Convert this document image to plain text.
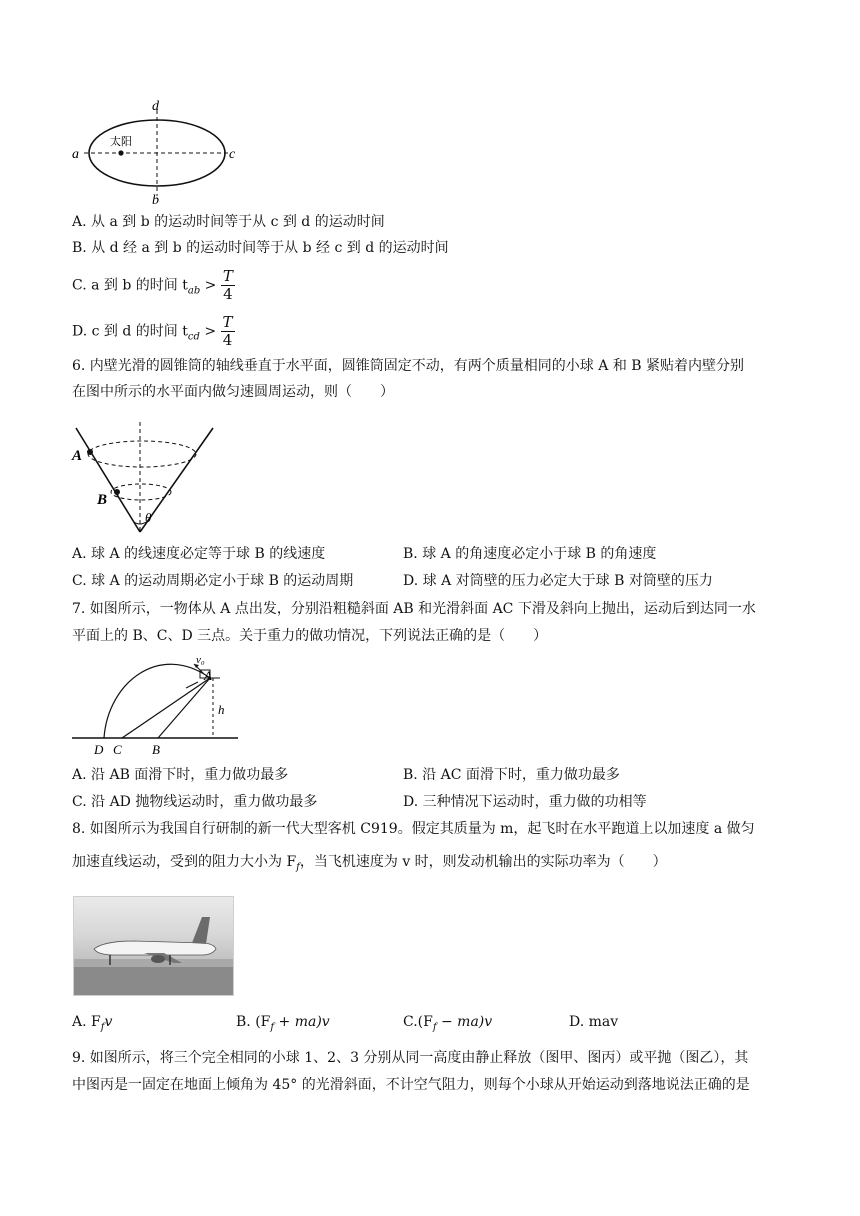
d
a	c
b
太阳
A. 从 a 到 b 的运动时间等于从 c 到 d 的运动时间
B. 从 d 经 a 到 b 的运动时间等于从 b 经 c 到 d 的运动时间
C. a 到 b 的时间 $t_{ab} > \frac{T}{4}$
D. c 到 d 的时间 $t_{cd} > \frac{T}{4}$
6. 内壁光滑的圆锥筒的轴线垂直于水平面，圆锥筒固定不动，有两个质量相同的小球 A 和 B 紧贴着内壁分别
在图中所示的水平面内做匀速圆周运动，则（　　）
A
B
θ
A. 球 A 的线速度必定等于球 B 的线速度	B. 球 A 的角速度必定小于球 B 的角速度
C. 球 A 的运动周期必定小于球 B 的运动周期	D. 球 A 对筒壁的压力必定大于球 B 对筒壁的压力
7. 如图所示，一物体从 A 点出发，分别沿粗糙斜面 AB 和光滑斜面 AC 下滑及斜向上抛出，运动后到达同一水
平面上的 B、C、D 三点。关于重力的做功情况，下列说法正确的是（　　）
v₀
A
h
D C B
A. 沿 AB 面滑下时，重力做功最多	B. 沿 AC 面滑下时，重力做功最多
C. 沿 AD 抛物线运动时，重力做功最多	D. 三种情况下运动时，重力做的功相等
8. 如图所示为我国自行研制的新一代大型客机 C919。假定其质量为 m，起飞时在水平跑道上以加速度 a 做匀
加速直线运动，受到的阻力大小为 $F_f$，当飞机速度为 v 时，则发动机输出的实际功率为（　　）
A. $F_fv$	B. $(F_f + ma)v$	$C.(F_f - ma)v$	D. mav
9. 如图所示，将三个完全相同的小球 1、2、3 分别从同一高度由静止释放（图甲、图丙）或平抛（图乙），其
中图丙是一固定在地面上倾角为 45° 的光滑斜面，不计空气阻力，则每个小球从开始运动到落地说法正确的是
